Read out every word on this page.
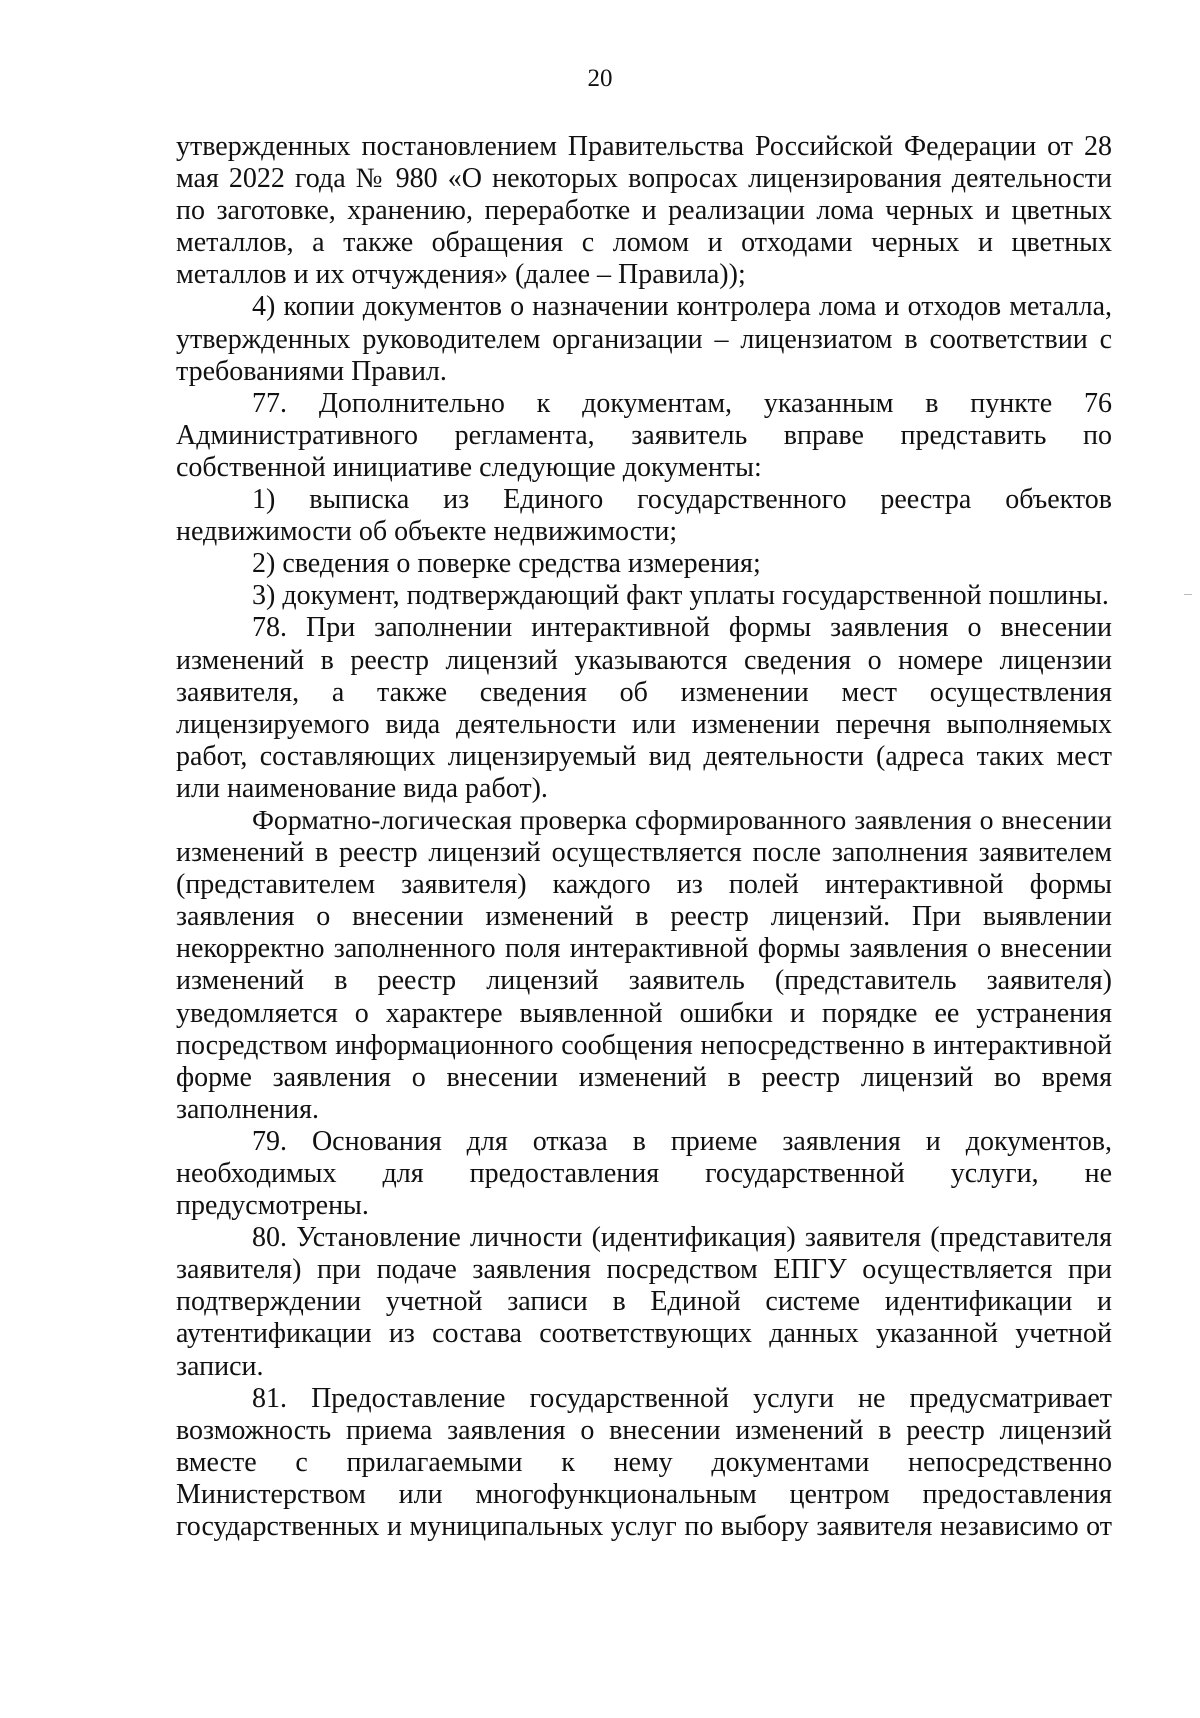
20
утвержденных постановлением Правительства Российской Федерации от 28
мая 2022 года № 980 «О некоторых вопросах лицензирования деятельности
по заготовке, хранению, переработке и реализации лома черных и цветных
металлов, а также обращения с ломом и отходами черных и цветных
металлов и их отчуждения» (далее – Правила));
4) копии документов о назначении контролера лома и отходов металла,
утвержденных руководителем организации – лицензиатом в соответствии с
требованиями Правил.
77. Дополнительно к документам, указанным в пункте 76
Административного регламента, заявитель вправе представить по
собственной инициативе следующие документы:
1) выписка из Единого государственного реестра объектов
недвижимости об объекте недвижимости;
2) сведения о поверке средства измерения;
3) документ, подтверждающий факт уплаты государственной пошлины.
78. При заполнении интерактивной формы заявления о внесении
изменений в реестр лицензий указываются сведения о номере лицензии
заявителя, а также сведения об изменении мест осуществления
лицензируемого вида деятельности или изменении перечня выполняемых
работ, составляющих лицензируемый вид деятельности (адреса таких мест
или наименование вида работ).
Форматно-логическая проверка сформированного заявления о внесении
изменений в реестр лицензий осуществляется после заполнения заявителем
(представителем заявителя) каждого из полей интерактивной формы
заявления о внесении изменений в реестр лицензий. При выявлении
некорректно заполненного поля интерактивной формы заявления о внесении
изменений в реестр лицензий заявитель (представитель заявителя)
уведомляется о характере выявленной ошибки и порядке ее устранения
посредством информационного сообщения непосредственно в интерактивной
форме заявления о внесении изменений в реестр лицензий во время
заполнения.
79. Основания для отказа в приеме заявления и документов,
необходимых для предоставления государственной услуги, не
предусмотрены.
80. Установление личности (идентификация) заявителя (представителя
заявителя) при подаче заявления посредством ЕПГУ осуществляется при
подтверждении учетной записи в Единой системе идентификации и
аутентификации из состава соответствующих данных указанной учетной
записи.
81. Предоставление государственной услуги не предусматривает
возможность приема заявления о внесении изменений в реестр лицензий
вместе с прилагаемыми к нему документами непосредственно
Министерством или многофункциональным центром предоставления
государственных и муниципальных услуг по выбору заявителя независимо от
